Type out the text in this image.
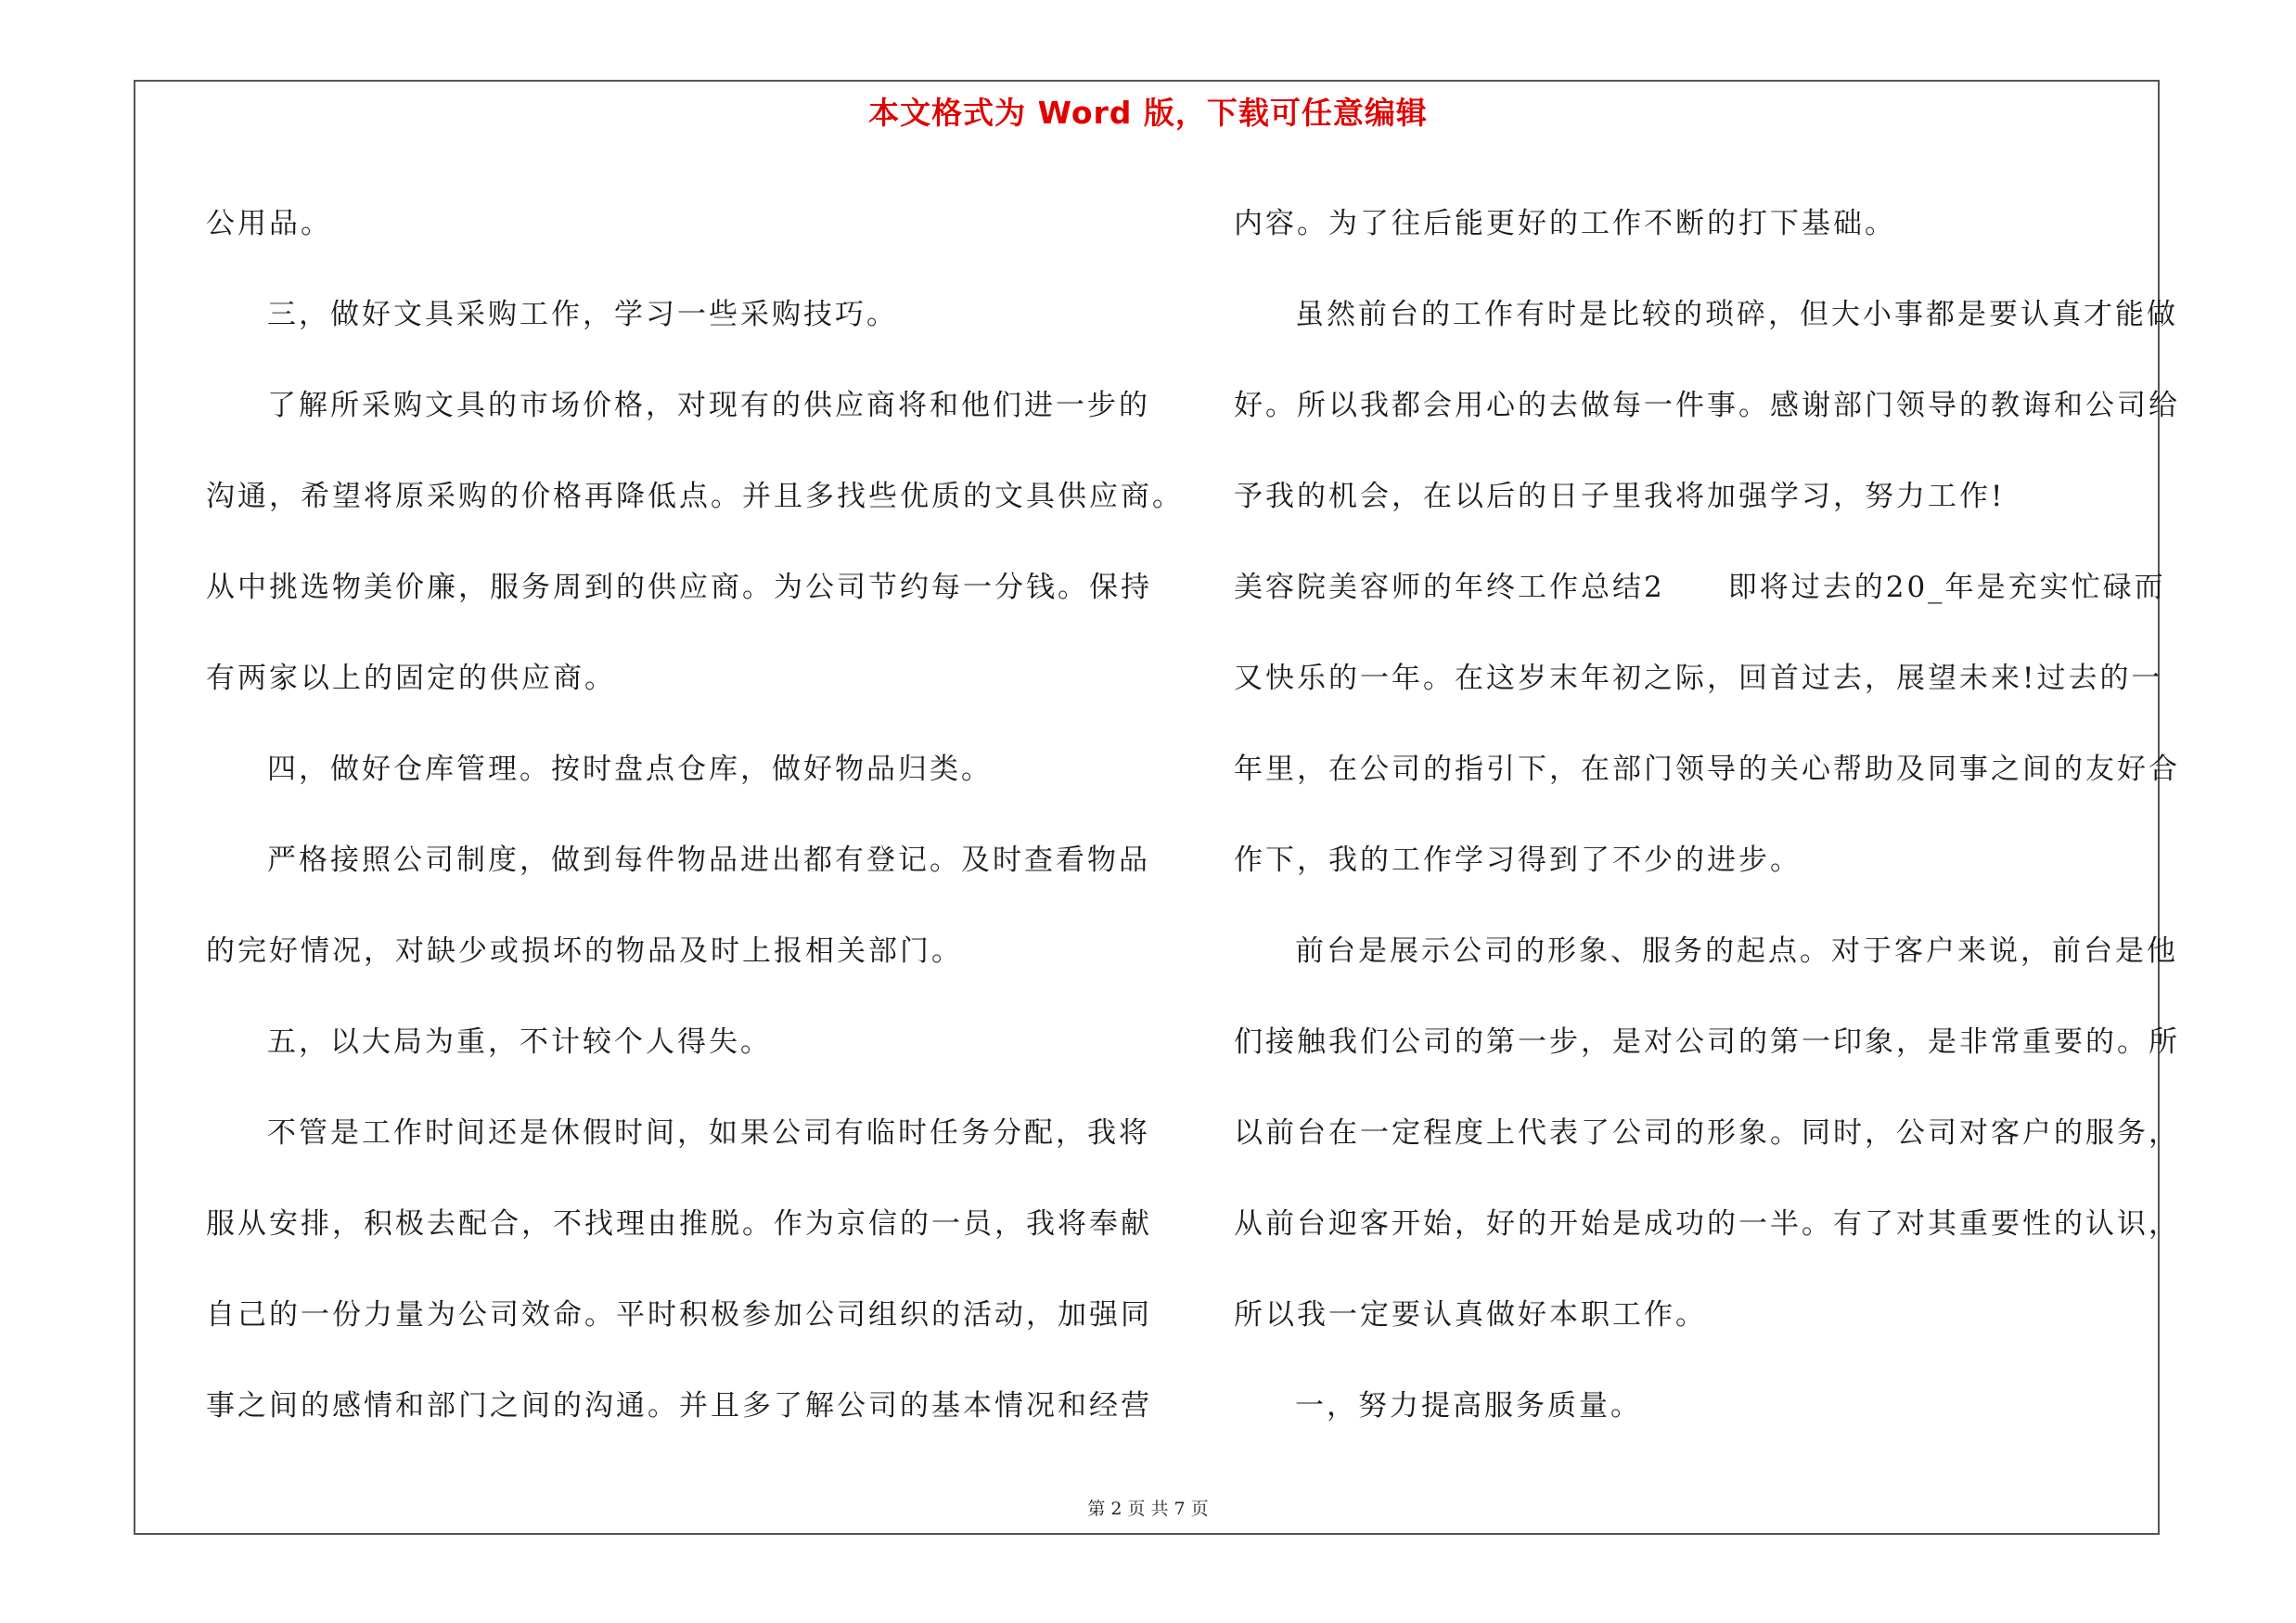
本文格式为 Word 版，下载可任意编辑
公用品。
三，做好文具采购工作，学习一些采购技巧。
了解所采购文具的市场价格，对现有的供应商将和他们进一步的
沟通，希望将原采购的价格再降低点。并且多找些优质的文具供应商。
从中挑选物美价廉，服务周到的供应商。为公司节约每一分钱。保持
有两家以上的固定的供应商。
四，做好仓库管理。按时盘点仓库，做好物品归类。
严格接照公司制度，做到每件物品进出都有登记。及时查看物品
的完好情况，对缺少或损坏的物品及时上报相关部门。
五，以大局为重，不计较个人得失。
不管是工作时间还是休假时间，如果公司有临时任务分配，我将
服从安排，积极去配合，不找理由推脱。作为京信的一员，我将奉献
自己的一份力量为公司效命。平时积极参加公司组织的活动，加强同
事之间的感情和部门之间的沟通。并且多了解公司的基本情况和经营
内容。为了往后能更好的工作不断的打下基础。
虽然前台的工作有时是比较的琐碎，但大小事都是要认真才能做
好。所以我都会用心的去做每一件事。感谢部门领导的教诲和公司给
予我的机会，在以后的日子里我将加强学习，努力工作!
美容院美容师的年终工作总结2　　即将过去的20_年是充实忙碌而
又快乐的一年。在这岁末年初之际，回首过去，展望未来!过去的一
年里，在公司的指引下，在部门领导的关心帮助及同事之间的友好合
作下，我的工作学习得到了不少的进步。
前台是展示公司的形象、服务的起点。对于客户来说，前台是他
们接触我们公司的第一步，是对公司的第一印象，是非常重要的。所
以前台在一定程度上代表了公司的形象。同时，公司对客户的服务，
从前台迎客开始，好的开始是成功的一半。有了对其重要性的认识，
所以我一定要认真做好本职工作。
一，努力提高服务质量。
第 2 页 共 7 页
